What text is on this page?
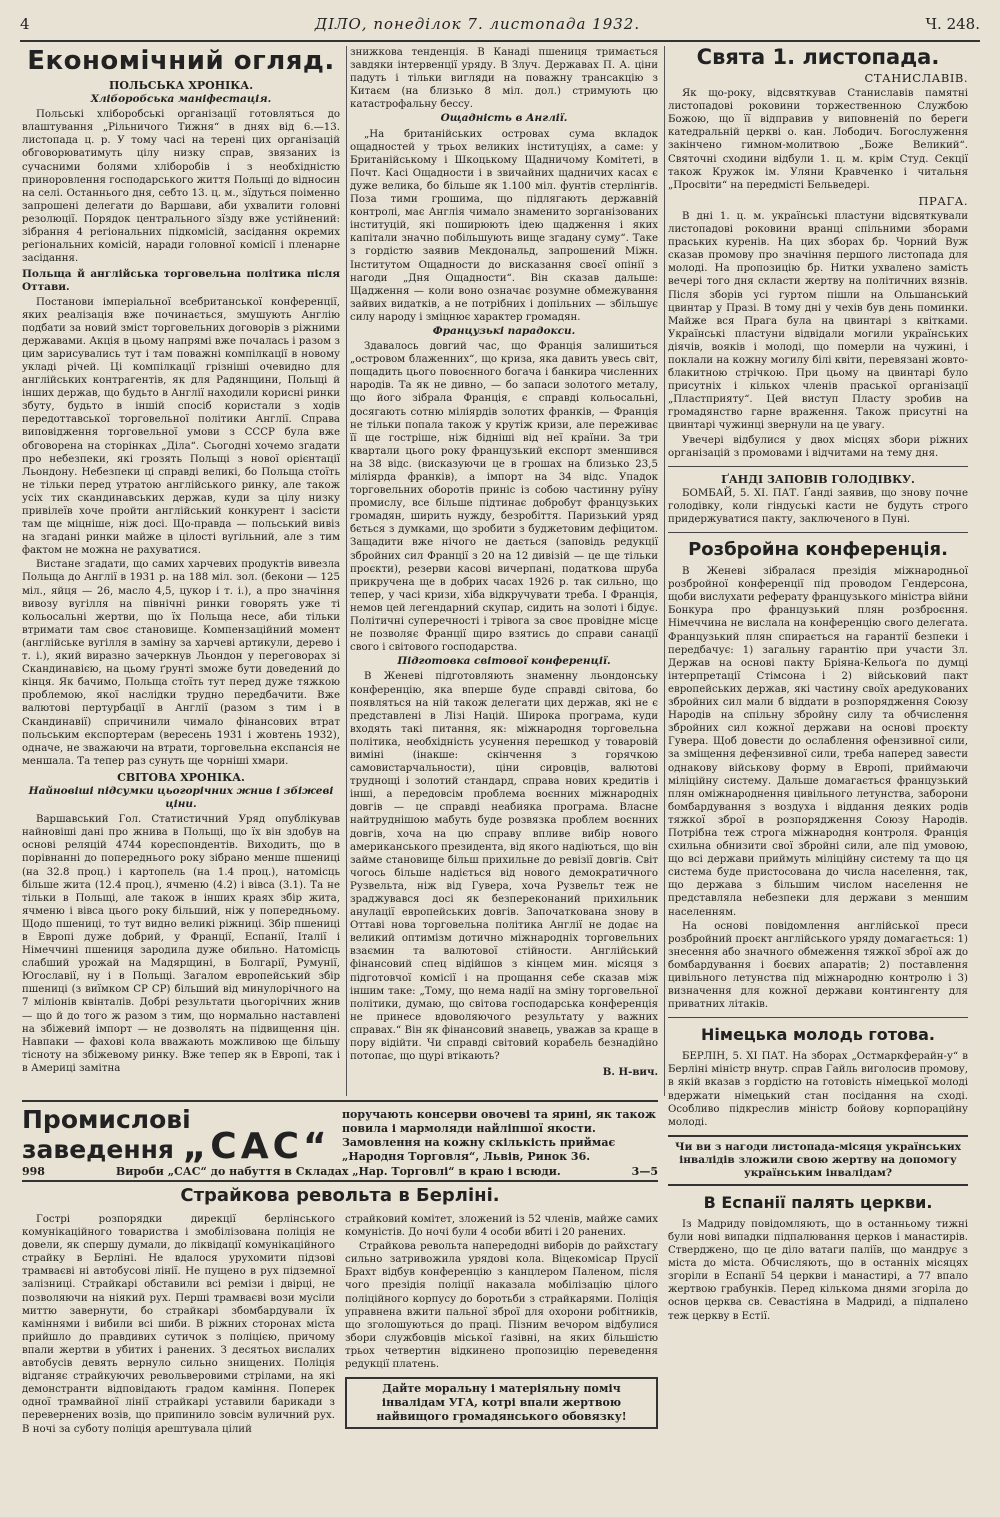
4	ДІЛО, понеділок 7. листопада 1932.	Ч. 248.
Економічний огляд.
ПОЛЬСЬКА ХРОНІКА.
Хліборобська маніфестація.

Польські хліборобські організації готовляться до влаштування „Рільничого Тижня“ в днях від 6.—13. листопада ц. р. У тому часі на терені цих організацій обговорюватимуть цілу низку справ, звязаних із сучасними болями хліборобів і з необхідністю приноровлення господарського життя Польщі до відносин на селі. Останнього дня, себто 13. ц. м., зїдуться поіменно запрошені делегати до Варшави, аби ухвалити головні резолюції. Порядок центрального зїзду вже устійнений: зібрання 4 регіональних підкомісій, засідання окремих регіональних комісій, наради головної комісії і пленарне засідання.

Польща й англійська торговельна політика після Оттави.

Постанови імперіальної всебританської конференції, яких реалізація вже починається, змушують Англію подбати за новий зміст торговельних договорів з ріжними державами. Акція в цьому напрямі вже почалась і разом з цим зарисувались тут і там поважні компілкації в новому укладі річей. Ці компілкації грізніші очевидно для англійських контрагентів, як для Радянщини, Польщі й інших держав, що будьто в Англії находили корисні ринки збуту, будьто в іншій спосіб користали з ходів передоттавської торговельної політики Англії. Справа виповідження торговельної умови з СССР була вже обговорена на сторінках „Діла“. Сьогодні хочемо згадати про небезпеки, які грозять Польщі з нової орієнтації Льондону. Небезпеки ці справді великі, бо Польща стоїть не тільки перед утратою англійського ринку, але також усіх тих скандинавських держав, куди за цілу низку привілеїв хоче пройти англійський конкурент і засісти там ще міцніше, ніж досі. Що-правда — польський вивіз на згадані ринки майже в цілості вугільний, але з тим фактом не можна не рахуватися.

Вистане згадати, що самих харчевих продуктів вивезла Польща до Англії в 1931 р. на 188 міл. зол. (бекони — 125 міл., яйця — 26, масло 4,5, цукор і т. і.), а про значіння вивозу вугілля на північні ринки говорять уже ті кольосальні жертви, що їх Польща несе, аби тільки втримати там своє становище. Компензаційний момент (англійське вугілля в заміну за харчеві артикули, дерево і т. і.), який виразно зачеркнув Льондон у переговорах зі Скандинавією, на цьому ґрунті зможе бути доведений до кінця. Як бачимо, Польща стоїть тут перед дуже тяжкою проблемою, якої наслідки трудно передбачити. Вже валютові пертурбації в Англії (разом з тим і в Скандинавії) спричинили чимало фінансових втрат польським експортерам (вересень 1931 і жовтень 1932), одначе, не зважаючи на втрати, торговельна експансія не меншала. Та тепер раз сунуть ще чорніші хмари.

СВІТОВА ХРОНІКА.
Найновіші підсумки цьогорічних жнив і збіжеві ціни.

Варшавський Гол. Статистичний Уряд опублікував найновіші дані про жнива в Польщі, що їх він здобув на основі реляцій 4744 кореспондентів. Виходить, що в порівнанні до попереднього року зібрано менше пшениці (на 32.8 проц.) і картопель (на 1.4 проц.), натомісць більше жита (12.4 проц.), ячменю (4.2) і вівса (3.1). Та не тільки в Польщі, але також в інших краях збір жита, ячменю і вівса цього року більший, ніж у попередньому. Щодо пшениці, то тут видно великі ріжниці. Збір пшениці в Европі дуже добрий, у Франції, Еспанії, Італії і Німеччині пшениця зародила дуже обильно. Натомісць слабший урожай на Мадярщині, в Болгарії, Румунії, Югославії, ну і в Польщі. Загалом европейський збір пшениці (з виїмком СР СР) більший від минулорічного на 7 міліонів квінталів. Добрі результати цьогорічних жнив — що й до того ж разом з тим, що нормально наставлені на збіжевий імпорт — не дозволять на підвищення цін. Навпаки — фахові кола вважають можливою ще більшу тісноту на збіжевому ринку. Вже тепер як в Европі, так і в Америці замітна

знижкова тенденція. В Канаді пшениця тримається завдяки інтервенції уряду. В Злуч. Державах П. А. ціни падуть і тільки вигляди на поважну трансакцію з Китаєм (на близько 8 міл. дол.) стримують цю катастрофальну бессу.

Ощадність в Англії.

„На британійських островах сума вкладок ощадностей у трьох великих інституціях, а саме: у Британійському і Шкоцькому Щадничому Комітеті, в Почт. Касі Ощадности і в звичайних щадничих касах є дуже велика, бо більше як 1.100 міл. фунтів стерлінгів. Поза тими грошима, що підлягають державній контролі, має Англія чимало знаменито зорганізованих інституцій, які поширюють ідею щадження і яких капітали значно побільшують вище згадану суму“. Таке з гордістю заявив Мекдональд, запрошений Міжн. Інститутом Ощадности до висказання своєї опінії з нагоди „Дня Ощадности“. Він сказав дальше: Щадження — коли воно означає розумне обмежування зайвих видатків, а не потрібних і допільних — збільшує силу народу і зміцнює характер громадян.

Французькі парадокси.

Здавалось довгий час, що Франція залишиться „островом блаженних“, що криза, яка давить увесь світ, пощадить цього повоєнного богача і банкира численних народів. Та як не дивно, — бо запаси золотого металу, що його зібрала Франція, є справді кольосальні, досягають сотню міліярдів золотих франків, — Франція не тільки попала також у крутіж кризи, але переживає її ще гостріше, ніж бідніші від неї країни. За три квартали цього року французький експорт зменшився на 38 відс. (висказуючи це в грошах на близько 23,5 міліярда франків), а імпорт на 34 відс. Упадок торговельних оборотів приніс із собою частинну руїну промислу, все більше підтинає добробут французьких громадян, ширить нужду, безробіття. Паризький уряд бється з думками, що зробити з буджетовим дефіцитом. Защадити вже нічого не дається (заповідь редукції збройних сил Франції з 20 на 12 дивізій — це ще тільки проєкти), резерви касові вичерпані, податкова шруба прикручена ще в добрих часах 1926 р. так сильно, що тепер, у часі кризи, хіба відкручувати треба. І Франція, немов цей легендарний скупар, сидить на золоті і бідує. Політичні суперечності і трівога за своє провідне місце не позволяє Франції щиро взятись до справи санації свого і світового господарства.

Підготовка світової конференції.

В Женеві підготовляють знаменну льондонську конференцію, яка вперше буде справді світова, бо появляться на ній також делегати цих держав, які не є представлені в Лізі Націй. Широка програма, куди входять такі питання, як: міжнародня торговельна політика, необхідність усунення перешкод у товаровій виміні (інакше: скінчення з горячкою самовистарчальности), ціни сировців, валютові труднощі і золотий стандард, справа нових кредитів і інші, а передовсім проблема воєнних міжнародніх довгів — це справді неабияка програма. Власне найтруднішою мабуть буде розвязка проблем воєнних довгів, хоча на цю справу впливе вибір нового американського президента, від якого надіються, що він займе становище більш прихильне до ревізії довгів. Світ чогось більше надіється від нового демократичного Рузвельта, ніж від Гувера, хоча Рузвельт теж не зраджувався досі як безпереконаний прихильник анулації европейських довгів. Започаткована знову в Оттаві нова торговельна політика Англії не додає на великий оптимізм дотично міжнародніх торговельних взаємин та валютової стійности. Англійський фінансовий спец відійшов з кінцем мин. місяця з підготовчої комісії і на прощання себе сказав між іншим таке: „Тому, що нема надії на зміну торговельної політики, думаю, що світова господарська конференція не принесе вдоволяючого результату у важних справах.“ Він як фінансовий знавець, уважав за краще в пору відійти. Чи справді світовий корабель безнадійно потопає, що щурі втікають?

В. Н-вич.
Свята 1. листопада.
СТАНИСЛАВІВ.

Як що-року, відсвяткував Станиславів памятні листопадові роковини торжественною Службою Божою, що її відправив у виповненій по береги катедральній церкві о. кан. Лободич. Богослуження закінчено гимном-молитвою „Боже Великий“. Святочні сходини відбули 1. ц. м. крім Студ. Секції також Кружок ім. Уляни Кравченко і читальня „Просвіти“ на передмісті Бельведері.

ПРАГА.

В дні 1. ц. м. українські пластуни відсвяткували листопадові роковини вранці спільними зборами праських куренів. На цих зборах бр. Чорний Вуж сказав промову про значіння першого листопада для молоді. На пропозицію бр. Нитки ухвалено замість вечері того дня скласти жертву на політичних вязнів. Після зборів усі гуртом пішли на Ольшанський цвинтар у Празі. В тому дні у чехів був день поминки. Майже вся Прага була на цвинтарі з квітками. Українські пластуни відвідали могили українських діячів, вояків і молоді, що померли на чужині, і поклали на кожну могилу білі квіти, перевязані жовто-блакитною стрічкою. При цьому на цвинтарі було присутніх і кількох членів праської організації „Пластприяту“. Цей виступ Пласту зробив на громадянство гарне враження. Також присутні на цвинтарі чужинці звернули на це увагу.

Увечері відбулися у двох місцях збори ріжних організацій з промовами і відчитами на тему дня.

ҐАНДІ ЗАПОВІВ ГОЛОДІВКУ.

БОМБАЙ, 5. XI. ПАТ. Ґанді заявив, що знову почне голодівку, коли гіндуські касти не будуть строго придержуватися пакту, заключеного в Пуні.

Розбройна конференція.

В Женеві зібралася презідія міжнародньої розбройної конференції під проводом Гендерсона, щоби вислухати реферату французького міністра війни Бонкура про французький плян розброєння. Німеччина не вислала на конференцію свого делегата. Французький плян спирається на гарантії безпеки і передбачує: 1) загальну гарантію при участи Зл. Держав на основі пакту Бріяна-Кельоґа по думці інтерпретації Стімсона і 2) військовий пакт европейських держав, які частину своїх аредукованих збройних сил мали б віддати в розпорядження Союзу Народів на спільну збройну силу та обчислення збройних сил кожної держави на основі проєкту Гувера. Щоб довести до ослаблення офензивної сили, за зміщення дефензивної сили, треба наперед завести однакову військову форму в Европі, приймаючи міліційну систему. Дальше домагається французький плян оміжнароднення цивільного летунства, заборони бомбардування з воздуха і віддання деяких родів тяжкої зброї в розпорядження Союзу Народів. Потрібна теж строга міжнародня контроля. Франція схильна обнизити свої збройні сили, але під умовою, що всі держави приймуть міліційну систему та що ця система буде пристосована до числа населення, так, що держава з більшим числом населення не представляла небезпеки для держави з меншим населенням.

На основі повідомлення англійської преси розбройний проєкт англійського уряду домагається: 1) знесення або значного обмеження тяжкої зброї аж до бомбардування і боєвих апаратів; 2) поставлення цивільного летунства під міжнародню контролю і 3) визначення для кожної держави контингенту для приватних літаків.

Німецька молодь готова.

БЕРЛІН, 5. XI ПАТ. На зборах „Остмаркферайн-у“ в Берліні міністр внутр. справ Гайль виголосив промову, в якій вказав з гордістю на готовість німецької молоді вдержати німецький стан посідання на сході. Особливо підкреслив міністр бойову корпораційну молоді.

Чи ви з нагоди листопада-місяця українських інвалідів зложили свою жертву на допомогу українським інвалідам?
В Еспанії палять церкви.

Із Мадриду повідомляють, що в останньому тижні були нові випадки підпалювання церков і манастирів. Стверджено, що це діло ватаги паліїв, що мандрує з міста до міста. Обчисляють, що в останніх місяцях згоріли в Еспанії 54 церкви і манастирі, а 77 впало жертвою грабунків. Перед кількома днями згоріла до основ церква св. Севастіяна в Мадриді, а підпалено теж церкву в Естії.

Промислові
заведення „САС“
поручають консерви овочеві та ярині, як також повила і мармоляди найліпшої якости. Замовлення на кожну скількість приймає „Народня Торговля“, Львів, Ринок 36.
998	Вироби „САС“ до набуття в Складах „Нар. Торговлі“ в краю і всюди.	3—5
Страйкова револьта в Берліні.

Гострі розпорядки дирекції берлінського комунікаційного товариства і змобілізована поліція не довели, як спершу думали, до ліквідації комунікаційного страйку в Берліні. Не вдалося урухомити підзові трамваєві ні автобусові лінії. Не пущено в рух підземної залізниці. Страйкарі обставили всі ремізи і двірці, не позволяючи на ніякий рух. Перші трамваєві вози мусіли миттю завернути, бо страйкарі збомбардували їх каміннями і вибили всі шиби. В ріжних сторонах міста прийшло до правдивих сутичок з поліцією, причому впали жертви в убитих і ранених. З десятьох вислалих автобусів девять вернуло сильно знищених. Поліція відганяє страйкуючих револьверовими стрілами, на які демонстранти відповідають градом каміння. Поперек одної трамвайної лінії страйкарі уставили барикади з перевернених возів, що припинило зовсім вуличний рух. В ночі за суботу поліція арештувала цілий

страйковий комітет, зложений із 52 членів, майже самих комуністів. До ночі були 4 особи вбиті і 20 ранених.

Страйкова револьта напередодні виборів до райхстагу сильно затривожила урядові кола. Віцекомісар Прусії Брахт відбув конференцію з канцлером Паленом, після чого презідія поліції наказала мобілізацію цілого поліційного корпусу до боротьби з страйкарями. Поліція управнена вжити пальної зброї для охорони робітників, що зголошуються до праці. Пізним вечором відбулися збори службовців міської ґазівні, на яких більшістю трьох четвертин відкинено пропозицію переведення редукції платень.

Дайте моральну і матеріяльну поміч інвалідам УГА, котрі впали жертвою найвищого громадянського обовязку!
